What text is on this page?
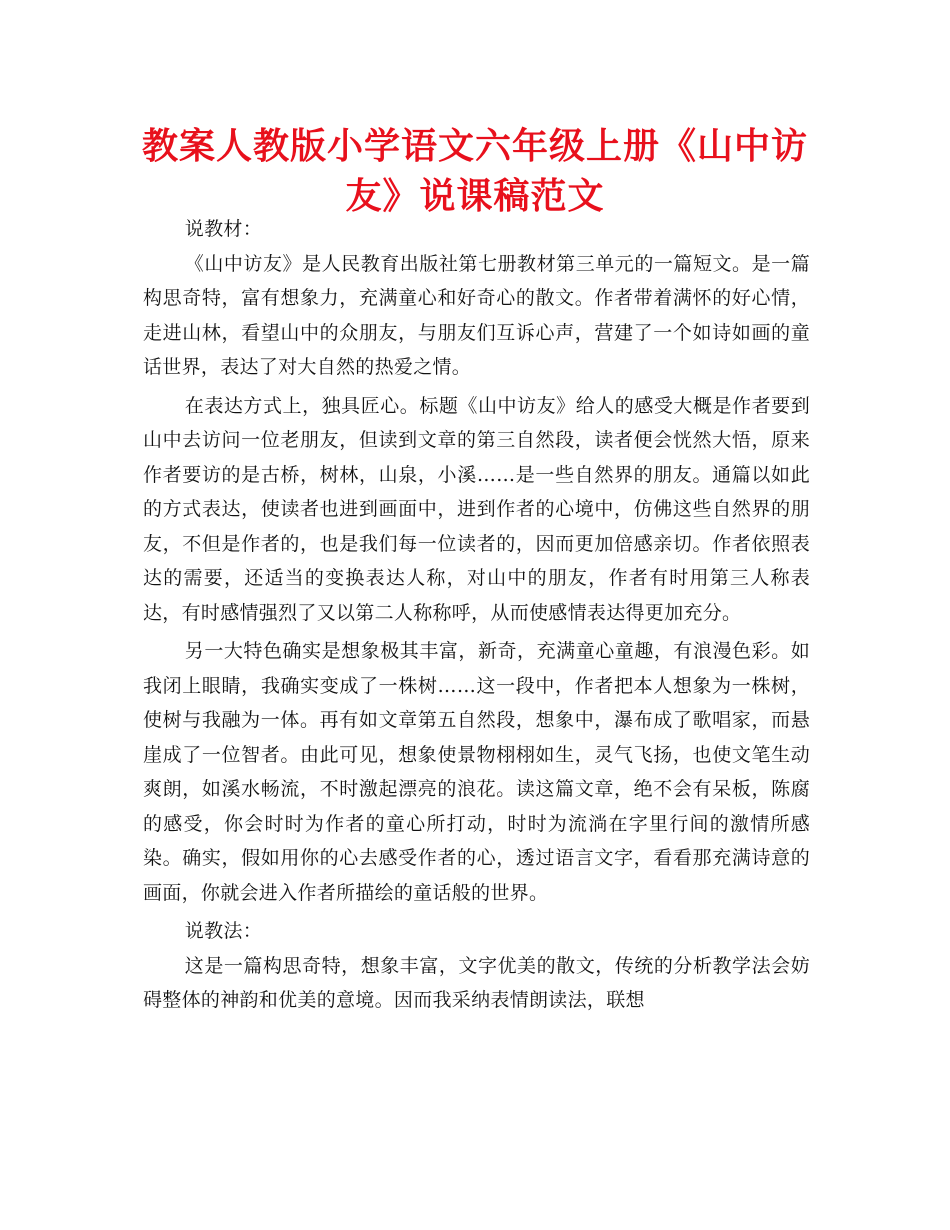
教案人教版小学语文六年级上册《山中访友》说课稿范文

说教材：

《山中访友》是人民教育出版社第七册教材第三单元的一篇短文。是一篇构思奇特，富有想象力，充满童心和好奇心的散文。作者带着满怀的好心情，走进山林，看望山中的众朋友，与朋友们互诉心声，营建了一个如诗如画的童话世界，表达了对大自然的热爱之情。

在表达方式上，独具匠心。标题《山中访友》给人的感受大概是作者要到山中去访问一位老朋友，但读到文章的第三自然段，读者便会恍然大悟，原来作者要访的是古桥，树林，山泉，小溪……是一些自然界的朋友。通篇以如此的方式表达，使读者也进到画面中，进到作者的心境中，仿佛这些自然界的朋友，不但是作者的，也是我们每一位读者的，因而更加倍感亲切。作者依照表达的需要，还适当的变换表达人称，对山中的朋友，作者有时用第三人称表达，有时感情强烈了又以第二人称称呼，从而使感情表达得更加充分。

另一大特色确实是想象极其丰富，新奇，充满童心童趣，有浪漫色彩。如我闭上眼睛，我确实变成了一株树……这一段中，作者把本人想象为一株树，使树与我融为一体。再有如文章第五自然段，想象中，瀑布成了歌唱家，而悬崖成了一位智者。由此可见，想象使景物栩栩如生，灵气飞扬，也使文笔生动爽朗，如溪水畅流，不时激起漂亮的浪花。读这篇文章，绝不会有呆板，陈腐的感受，你会时时为作者的童心所打动，时时为流淌在字里行间的激情所感染。确实，假如用你的心去感受作者的心，透过语言文字，看看那充满诗意的画面，你就会进入作者所描绘的童话般的世界。

说教法：

这是一篇构思奇特，想象丰富，文字优美的散文，传统的分析教学法会妨碍整体的神韵和优美的意境。因而我采纳表情朗读法，联想
